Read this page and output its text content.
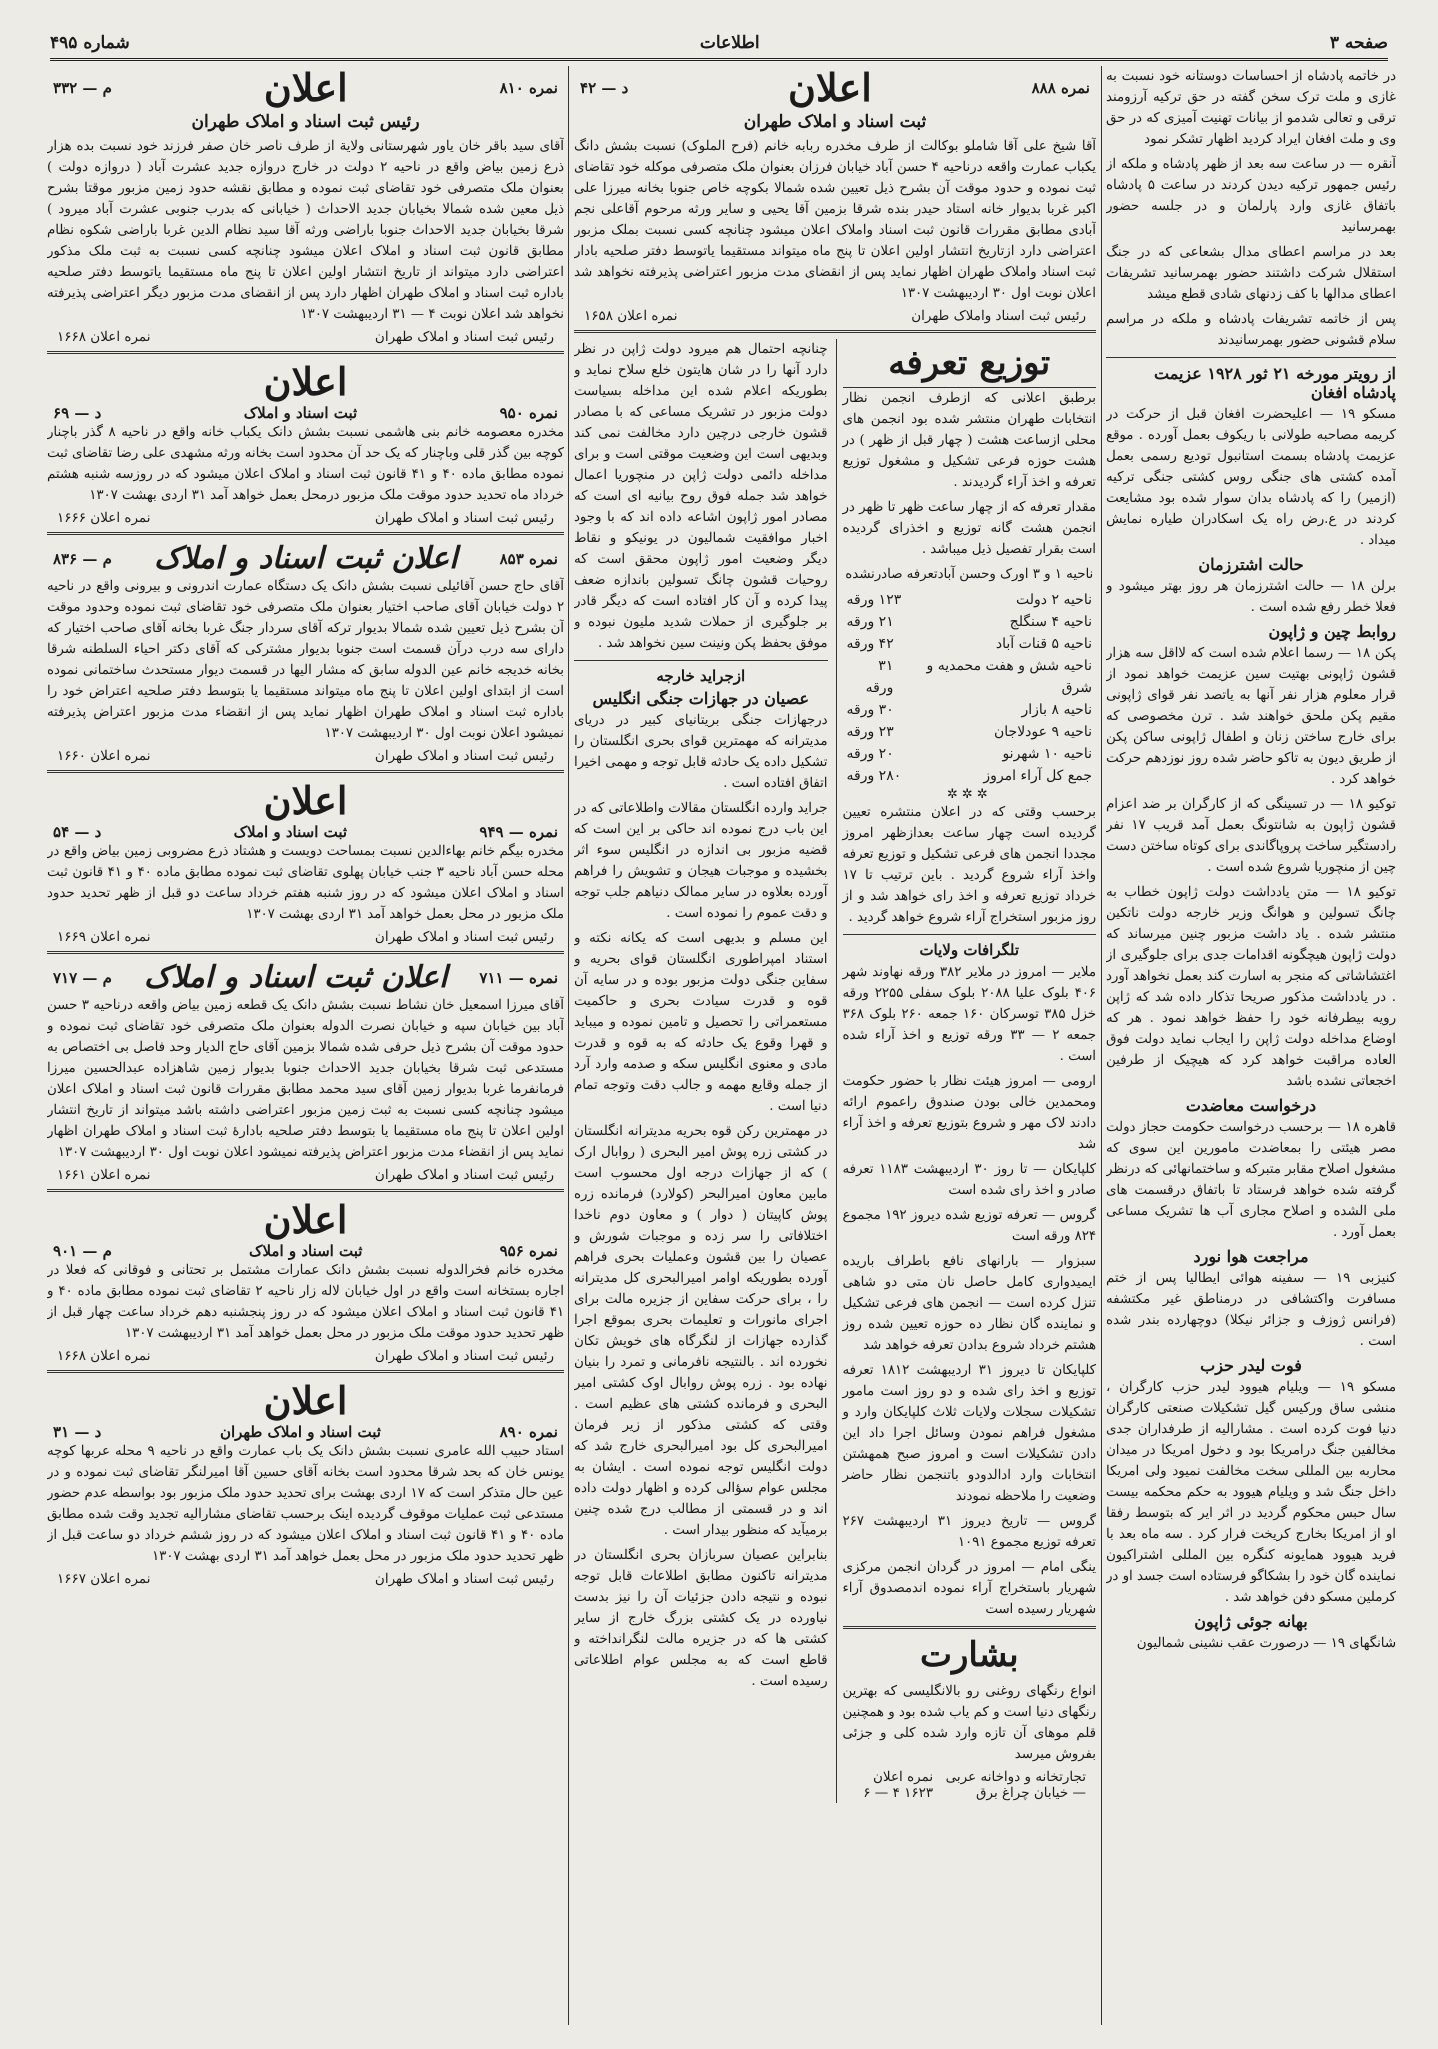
صفحه ۳
اطلاعات
شماره ۴۹۵

در خاتمه پادشاه از احساسات دوستانه خود نسبت به غازی و ملت ترک سخن گفته در حق ترکیه آرزومند ترقی و تعالی شدمو از بیانات تهنیت آمیزی که در حق وی و ملت افغان ایراد کردید اظهار تشکر نمود

آنقره — در ساعت سه بعد از ظهر پادشاه و ملکه از رئیس جمهور ترکیه دیدن کردند در ساعت ۵ پادشاه باتفاق غازی وارد پارلمان و در جلسه حضور بهمرسانید

بعد در مراسم اعطای مدال بشعاعی که در جنگ استقلال شرکت داشتند حضور بهمرسانید تشریفات اعطای مدالها با کف زدنهای شادی قطع میشد

پس از خاتمه تشریفات پادشاه و ملکه در مراسم سلام قشونی حضور بهمرسانیدند

از رویتر مورخه ۲۱ ثور ۱۹۲۸ عزیمت پادشاه افغان

مسکو ۱۹ — اعلیحضرت افغان قبل از حرکت در کریمه مصاحبه طولانی با ریکوف بعمل آورده . موقع عزیمت پادشاه بسمت استانبول تودیع رسمی بعمل آمده کشتی های جنگی روس کشتی جنگی ترکیه (ازمیر) را که پادشاه بدان سوار شده بود مشایعت کردند در ع.رض راه یک اسکادران طیاره نمایش میداد .

حالت اشترزمان

برلن ۱۸ — حالت اشترزمان هر روز بهتر میشود و فعلا خطر رفع شده است .

روابط چین و ژاپون

پکن ۱۸ — رسما اعلام شده است که لااقل سه هزار قشون ژاپونی بهتیت سین عزیمت خواهد نمود از قرار معلوم هزار نفر آنها به یاتصد نفر قوای ژاپونی مقیم پکن ملحق خواهند شد . ترن مخصوصی که برای خارج ساختن زنان و اطفال ژاپونی ساکن پکن از طریق دیون به تاکو حاضر شده روز نوزدهم حرکت خواهد کرد .

توکیو ۱۸ — در تسینگی که از کارگران بر ضد اعزام قشون ژاپون به شانتونگ بعمل آمد قریب ۱۷ نفر رادستگیر ساخت پروپاگاندی برای کوتاه ساختن دست چین از منچوریا شروع شده است .

توکیو ۱۸ — متن یادداشت دولت ژاپون خطاب به چانگ تسولین و هوانگ وزیر خارجه دولت ناتکین منتشر شده . یاد داشت مزبور چنین میرساند که دولت ژاپون هیچگونه اقدامات جدی برای جلوگیری از اغتشاشاتی که منجر به اسارت کند بعمل نخواهد آورد . در یادداشت مذکور صریحا تذکار داده شد که ژاپن رویه بیطرفانه خود را حفظ خواهد نمود . هر که اوضاع مداخله دولت ژاپن را ایجاب نماید دولت فوق العاده مراقبت خواهد کرد که هیچیک از طرفین اخجعاتی نشده باشد

درخواست معاضدت

قاهره ۱۸ — برحسب درخواست حکومت حجاز دولت مصر هیئتی را بمعاضدت مامورین این سوی که مشغول اصلاح مقابر متبرکه و ساختمانهائی که درنظر گرفته شده خواهد فرستاد تا باتفاق درقسمت های ملی الشده و اصلاح مجاری آب ها تشریک مساعی بعمل آورد .

مراجعت هوا نورد

کنیزبی ۱۹ — سفینه هوائی ایطالیا پس از ختم مسافرت واکتشافی در درمناطق غیر مکتشفه (فرانس ژوزف و جزائر نیکلا) دوچهارده بندر شده است .

فوت لیدر حزب

مسکو ۱۹ — ویلیام هیوود لیدر حزب کارگران ، منشی ساق ورکیس گیل تشکیلات صنعتی کارگران دنیا فوت کرده است . مشارالیه از طرفداران جدی مخالفین جنگ درامریکا بود و دخول امریکا در میدان محاربه بین المللی سخت مخالفت نمیود ولی امریکا داخل جنگ شد و ویلیام هیوود به حکم محکمه بیست سال حبس محکوم گردید در اثر ایر که بتوسط رفقا او از امریکا بخارج کریخت فرار کرد . سه ماه بعد با فرید هیوود همایونه کنگره بین المللی اشتراکیون نماینده گان خود را بشکاگو فرستاده است جسد او در کرملین مسکو دفن خواهد شد .

بهانه جوئی ژاپون

شانگهای ۱۹ — درصورت عقب نشینی شمالیون

نمره ۸۸۸
اعلان
د — ۴۲
ثبت اسناد و املاک طهران

آقا شیخ علی آقا شاملو بوکالت از طرف مخدره ربابه خانم (فرح الملوک) نسبت بشش دانگ یکباب عمارت واقعه درناحیه ۴ حسن آباد خیابان فرزان بعنوان ملک متصرفی موکله خود تقاضای ثبت نموده و حدود موقت آن بشرح ذیل تعیین شده شمالا بکوچه خاص جنوبا بخانه میرزا علی اکبر غربا بدیوار خانه استاد حیدر بنده شرقا بزمین آقا یحیی و سایر ورثه مرحوم آقاعلی نجم آبادی مطابق مقررات قانون ثبت اسناد واملاک اعلان میشود چنانچه کسی نسبت بملک مزبور اعتراضی دارد ازتاریخ انتشار اولین اعلان تا پنج ماه میتواند مستقیما یاتوسط دفتر صلحیه بادار ثبت اسناد واملاک طهران اظهار نماید پس از انقضای مدت مزبور اعتراضی پذیرفته نخواهد شد اعلان نوبت اول ۳۰ اردیبهشت ۱۳۰۷

رئیس ثبت اسناد واملاک طهران
نمره اعلان ۱۶۵۸
توزیع تعرفه

برطبق اعلانی که ازطرف انجمن نظار انتخابات طهران منتشر شده بود انجمن های محلی ازساعت هشت ( چهار قبل از ظهر ) در هشت حوزه فرعی تشکیل و مشغول توزیع تعرفه و اخذ آراء گردیدند .

مقدار تعرفه که از چهار ساعت ظهر تا ظهر در انجمن هشت گانه توزیع و اخذرای گردیده است بقرار تفصیل ذیل میباشد .

ناحیه ۱ و ۳ اورک وحسن آبادتعرفه صادرنشده

ناحیه ۲ دولت
۱۲۳ ورقه
ناحیه ۴ سنگلج
۲۱ ورقه
ناحیه ۵ قنات آباد
۴۲ ورقه
ناحیه شش و هفت محمدیه و شرق
۳۱ ورقه
ناحیه ۸ بازار
۳۰ ورقه
ناحیه ۹ عودلاجان
۲۳ ورقه
ناحیه ۱۰ شهرنو
۲۰ ورقه
جمع کل آراء امروز
۲۸۰ ورقه
✲✲✲

برحسب وقتی که در اعلان منتشره تعیین گردیده است چهار ساعت بعدازظهر امروز مجددا انجمن های فرعی تشکیل و توزیع تعرفه واخذ آراء شروع گردید . باین ترتیب تا ۱۷ خرداد توزیع تعرفه و اخذ رای خواهد شد و از روز مزبور استخراج آراء شروع خواهد گردید .

تلگرافات ولایات

ملایر — امروز در ملایر ۳۸۲ ورقه نهاوند شهر ۴۰۶ بلوک علیا ۲۰۸۸ بلوک سفلی ۲۲۵۵ ورقه خزل ۳۸۵ توسرکان ۱۶۰ جمعه ۲۶۰ بلوک ۳۶۸ جمعه ۲ — ۳۳ ورقه توزیع و اخذ آراء شده است .

ارومی — امروز هیئت نظار با حضور حکومت ومحمدین خالی بودن صندوق راعموم ارائه دادند لاک مهر و شروع بتوزیع تعرفه و اخذ آراء شد

کلپایکان — تا روز ۳۰ اردیبهشت ۱۱۸۳ تعرفه صادر و اخذ رای شده است

گروس — تعرفه توزیع شده دیروز ۱۹۲ مجموع ۸۲۴ ورقه است

سبزوار — بارانهای نافع باطراف باریده ایمیدواری کامل حاصل نان متی دو شاهی تنزل کرده است — انجمن های فرعی تشکیل و نماینده گان نظار ده حوزه تعیین شده روز هشتم خرداد شروع بدادن تعرفه خواهد شد

کلپایکان تا دیروز ۳۱ اردیبهشت ۱۸۱۲ تعرفه توزیع و اخذ رای شده و دو روز است مامور تشکیلات سجلات ولایات ثلاث کلپایکان وارد و مشغول فراهم نمودن وسائل اجرا داد این دادن تشکیلات است و امروز صبح همهشتن انتخابات وارد ادالدودو باتنجمن نظار حاضر وضعیت را ملاحظه نمودند

گروس — تاریخ دیروز ۳۱ اردیبهشت ۲۶۷ تعرفه توزیع مجموع ۱۰۹۱

ینگی امام — امروز در گردان انجمن مرکزی شهریار باستخراج آراء نموده اندمصدوق آراء شهریار رسیده است

بشارت

انواع رنگهای روغنی رو بالانگلیسی که بهترین رنگهای دنیا است و کم یاب شده بود و همچنین قلم موهای آن تازه وارد شده کلی و جزئی بفروش میرسد

تجارتخانه و دواخانه عربی — خیابان چراغ برق
نمره اعلان ۱۶۲۳ ۴ — ۶

چنانچه احتمال هم میرود دولت ژاپن در نظر دارد آنها را در شان هایتون خلع سلاح نماید و بطوریکه اعلام شده این مداخله بسیاست دولت مزبور در تشریک مساعی که با مصادر قشون خارجی درچین دارد مخالفت نمی کند وبدیهی است این وضعیت موقتی است و برای مداخله دائمی دولت ژاپن در منچوریا اعمال خواهد شد جمله فوق روح بیانیه ای است که مصادر امور ژاپون اشاعه داده اند که با وجود اخبار موافقیت شمالیون در یونیکو و نقاط دیگر وضعیت امور ژاپون محقق است که روحیات قشون چانگ تسولین باندازه ضعف پیدا کرده و آن کار افتاده است که دیگر قادر بر جلوگیری از حملات شدید ملیون نبوده و موفق بحفظ پکن ونینت سین نخواهد شد .

ازجراید خارجه
عصیان در جهازات جنگی انگلیس

درجهازات جنگی بریتانیای کبیر در دریای مدیترانه که مهمترین قوای بحری انگلستان را تشکیل داده یک حادثه قابل توجه و مهمی اخیرا اتفاق افتاده است .

جراید وارده انگلستان مقالات واطلاعاتی که در این باب درج نموده اند حاکی بر این است که قضیه مزبور بی اندازه در انگلیس سوء اثر بخشیده و موجبات هیجان و تشویش را فراهم آورده بعلاوه در سایر ممالک دنیاهم جلب توجه و دقت عموم را نموده است .

این مسلم و بدیهی است که یکانه نکته و استناد امپراطوری انگلستان قوای بحریه و سفاین جنگی دولت مزبور بوده و در سایه آن قوه و قدرت سیادت بحری و حاکمیت مستعمراتی را تحصیل و تامین نموده و میباید و قهرا وقوع یک حادثه که به قوه و قدرت مادی و معنوی انگلیس سکه و صدمه وارد آرد از جمله وقایع مهمه و جالب دقت وتوجه تمام دنیا است .

در مهمترین رکن قوه بحریه مدیترانه انگلستان در کشتی زره پوش امیر البحری ( روابال ارک ) که از جهازات درجه اول محسوب است مابین معاون امیرالبحر (کولارد) فرمانده زره پوش کاپیتان ( دوار ) و معاون دوم ناخدا اختلافاتی را سر زده و موجبات شورش و عصیان را بین قشون وعملیات بحری فراهم آورده بطوریکه اوامر امیرالبحری کل مدیترانه را ، برای حرکت سفاین از جزیره مالت برای اجرای مانورات و تعلیمات بحری بموقع اجرا گذارده جهازات از لنگرگاه های خویش تکان نخورده اند . بالنتیجه نافرمانی و تمرد را بنیان نهاده بود . زره پوش روابال اوک کشتی امیر البحری و فرمانده کشتی های عظیم است . وقتی که کشتی مذکور از زیر فرمان امیرالبحری کل بود امیرالبحری خارج شد که دولت انگلیس توجه نموده است . ایشان به مجلس عوام سؤالی کرده و اظهار دولت داده اند و در قسمتی از مطالب درج شده چنین برمیآید که منظور بیدار است .

بنابراین عصیان سربازان بحری انگلستان در مدیترانه تاکنون مطابق اطلاعات قابل توجه نبوده و نتیجه دادن جزئیات آن را نیز بدست نیاورده در یک کشتی بزرگ خارج از سایر کشتی ها که در جزیره مالت لنگرانداخته و قاطع است که به مجلس عوام اطلاعاتی رسیده است .

نمره ۸۱۰
اعلان
م — ۳۳۲
رئیس ثبت اسناد و املاک طهران

آقای سید باقر خان یاور شهرستانی ولایة از طرف ناصر خان صفر فرزند خود نسبت بده هزار ذرع زمین بیاض واقع در ناحیه ۲ دولت در خارج دروازه جدید عشرت آباد ( دروازه دولت ) بعنوان ملک متصرفی خود تقاضای ثبت نموده و مطابق نقشه حدود زمین مزبور موقتا بشرح ذیل معین شده شمالا بخیابان جدید الاحداث ( خیابانی که بدرب جنوبی عشرت آباد میرود ) شرقا بخیابان جدید الاحداث جنوبا باراضی ورثه آقا سید نظام الدین غربا باراضی شکوه نظام مطابق قانون ثبت اسناد و املاک اعلان میشود چنانچه کسی نسبت به ثبت ملک مذکور اعتراضی دارد میتواند از تاریخ انتشار اولین اعلان تا پنج ماه مستقیما یاتوسط دفتر صلحیه باداره ثبت اسناد و املاک طهران اظهار دارد پس از انقضای مدت مزبور دیگر اعتراضی پذیرفته نخواهد شد اعلان نوبت ۴ — ۳۱ اردیبهشت ۱۳۰۷

رئیس ثبت اسناد و املاک طهران
نمره اعلان ۱۶۶۸
اعلان
نمره ۹۵۰
ثبت اسناد و املاک
د — ۶۹

مخدره معصومه خانم بنی هاشمی نسبت بشش دانک یکباب خانه واقع در ناحیه ۸ گذر باچنار کوچه بین گذر قلی وباچنار که یک حد آن محدود است بخانه ورثه مشهدی علی رضا تقاضای ثبت نموده مطابق ماده ۴۰ و ۴۱ قانون ثبت اسناد و املاک اعلان میشود که در روزسه شنبه هشتم خرداد ماه تحدید حدود موقت ملک مزبور درمحل بعمل خواهد آمد ۳۱ اردی بهشت ۱۳۰۷

رئیس ثبت اسناد و املاک طهران
نمره اعلان ۱۶۶۶
نمره ۸۵۳
اعلان ثبت اسناد و املاک
م — ۸۳۶

آقای حاج حسن آقائیلی نسبت بشش دانک یک دستگاه عمارت اندرونی و بیرونی واقع در ناحیه ۲ دولت خیابان آقای صاحب اختیار بعنوان ملک متصرفی خود تقاضای ثبت نموده وحدود موقت آن بشرح ذیل تعیین شده شمالا بدیوار ترکه آقای سردار جنگ غربا بخانه آقای صاحب اختیار که دارای سه درب درآن قسمت است جنوبا بدیوار مشترکی که آقای دکتر احیاء السلطنه شرقا بخانه خدیجه خانم عین الدوله سابق که مشار الیها در قسمت دیوار مستحدث ساختمانی نموده است از ابتدای اولین اعلان تا پنج ماه میتواند مستقیما یا بتوسط دفتر صلحیه اعتراض خود را باداره ثبت اسناد و املاک طهران اظهار نماید پس از انقضاء مدت مزبور اعتراض پذیرفته نمیشود اعلان نوبت اول ۳۰ اردیبهشت ۱۳۰۷

رئیس ثبت اسناد و املاک طهران
نمره اعلان ۱۶۶۰
اعلان
نمره — ۹۴۹
ثبت اسناد و املاک
د — ۵۴

مخدره بیگم خانم بهاءالدین نسبت بمساحت دویست و هشتاد ذرع مضروبی زمین بیاض واقع در محله حسن آباد ناحیه ۳ جنب خیابان پهلوی تقاضای ثبت نموده مطابق ماده ۴۰ و ۴۱ قانون ثبت اسناد و املاک اعلان میشود که در روز شنبه هفتم خرداد ساعت دو قبل از ظهر تحدید حدود ملک مزبور در محل بعمل خواهد آمد ۳۱ اردی بهشت ۱۳۰۷

رئیس ثبت اسناد و املاک طهران
نمره اعلان ۱۶۶۹
نمره — ۷۱۱
اعلان ثبت اسناد و املاک
م — ۷۱۷

آقای میرزا اسمعیل خان نشاط نسبت بشش دانک یک قطعه زمین بیاض واقعه درناحیه ۳ حسن آباد بین خیابان سپه و خیابان نصرت الدوله بعنوان ملک متصرفی خود تقاضای ثبت نموده و حدود موقت آن بشرح ذیل حرفی شده شمالا بزمین آقای حاج الدیار وحد فاصل بی اختصاص به مستدعی ثبت شرقا بخیابان جدید الاحداث جنوبا بدیوار زمین شاهزاده عبدالحسین میرزا فرمانفرما غربا بدیوار زمین آقای سید محمد مطابق مقررات قانون ثبت اسناد و املاک اعلان میشود چنانچه کسی نسبت به ثبت زمین مزبور اعتراضی داشته باشد میتواند از تاریخ انتشار اولین اعلان تا پنج ماه مستقیما یا بتوسط دفتر صلحیه بادارهٔ ثبت اسناد و املاک طهران اظهار نماید پس از انقضاء مدت مزبور اعتراض پذیرفته نمیشود اعلان نوبت اول ۳۰ اردیبهشت ۱۳۰۷

رئیس ثبت اسناد و املاک طهران
نمره اعلان ۱۶۶۱
اعلان
نمره ۹۵۶
ثبت اسناد و املاک
م — ۹۰۱

مخدره خانم فخرالدوله نسبت بشش دانک عمارات مشتمل بر تحتانی و فوقانی که فعلا در اجاره بستخانه است واقع در اول خیابان لاله زار ناحیه ۲ تقاضای ثبت نموده مطابق ماده ۴۰ و ۴۱ قانون ثبت اسناد و املاک اعلان میشود که در روز پنجشنبه دهم خرداد ساعت چهار قبل از ظهر تحدید حدود موقت ملک مزبور در محل بعمل خواهد آمد ۳۱ اردیبهشت ۱۳۰۷

رئیس ثبت اسناد و املاک طهران
نمره اعلان ۱۶۶۸
اعلان
نمره ۸۹۰
ثبت اسناد و املاک طهران
د — ۳۱

استاد حبیب الله عامری نسبت بشش دانک یک باب عمارت واقع در ناحیه ۹ محله عربها کوچه یونس خان که بحد شرقا محدود است بخانه آقای حسین آقا امیرلنگر تقاضای ثبت نموده و در عین حال متذکر است که ۱۷ اردی بهشت برای تحدید حدود ملک مزبور بود بواسطه عدم حضور مستدعی ثبت عملیات موقوف گردیده اینک برحسب تقاضای مشارالیه تجدید وقت شده مطابق ماده ۴۰ و ۴۱ قانون ثبت اسناد و املاک اعلان میشود که در روز ششم خرداد دو ساعت قبل از ظهر تحدید حدود ملک مزبور در محل بعمل خواهد آمد ۳۱ اردی بهشت ۱۳۰۷

رئیس ثبت اسناد و املاک طهران
نمره اعلان ۱۶۶۷
